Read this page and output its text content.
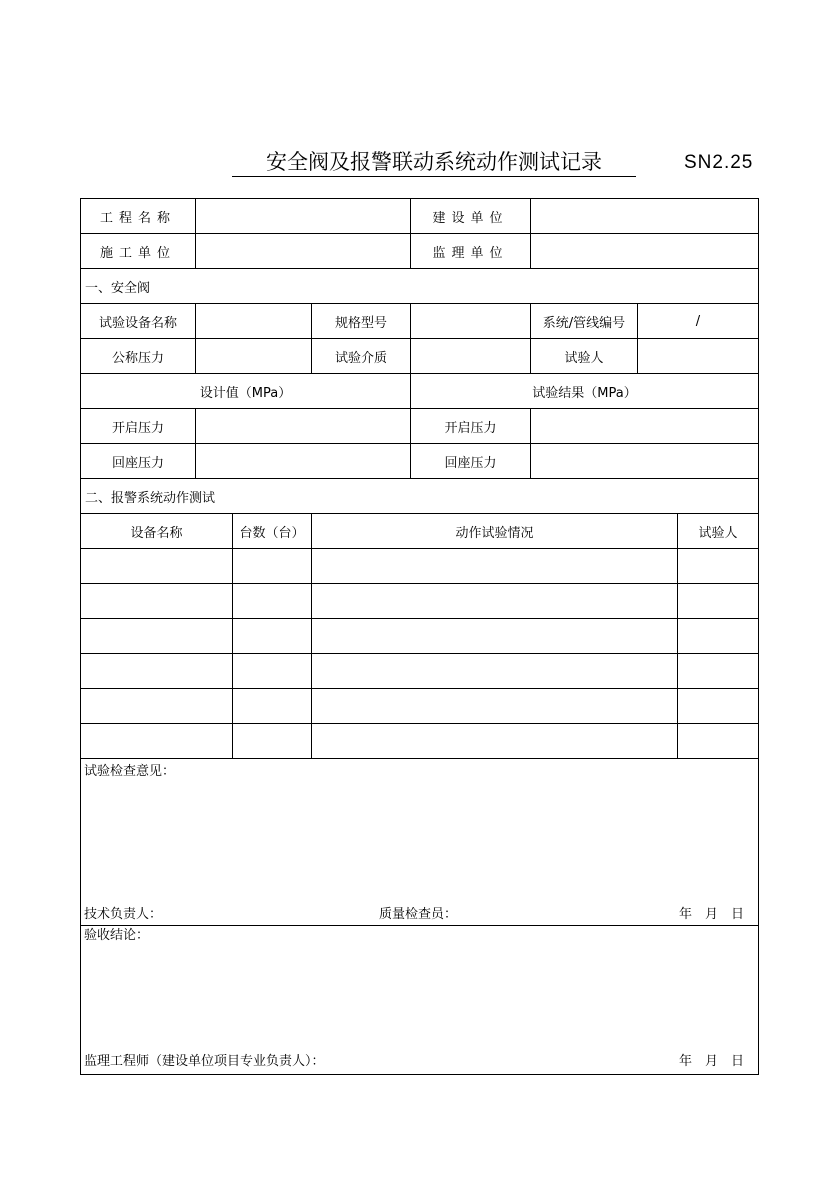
安全阀及报警联动系统动作测试记录	SN2.25
工程名称	建设单位
施工单位	监理单位
一、安全阀
试验设备名称	规格型号	系统/管线编号	/
公称压力	试验介质	试验人
设计值（MPa）	试验结果（MPa）
开启压力	开启压力
回座压力	回座压力
二、报警系统动作测试
设备名称	台数（台）	动作试验情况	试验人
试验检查意见：
技术负责人：	质量检查员：	年　月　日
验收结论：
监理工程师（建设单位项目专业负责人）：	年　月　日
